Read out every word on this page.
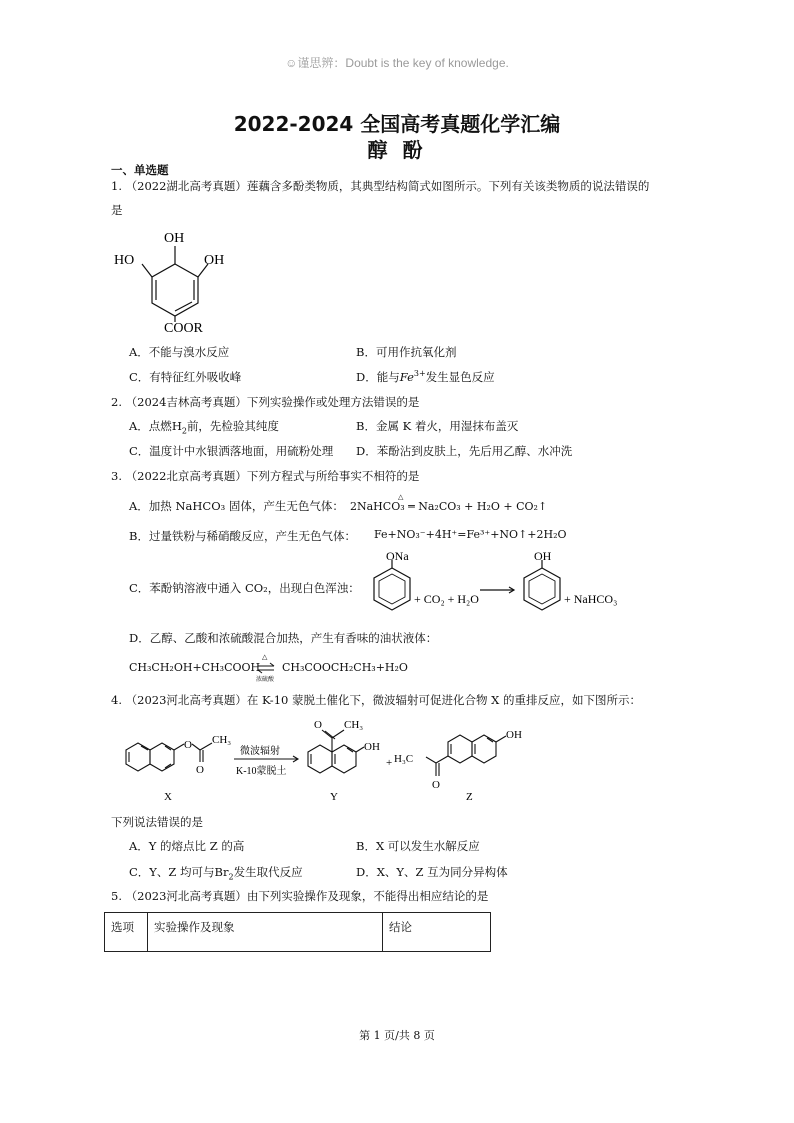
☺谨思辨：Doubt is the key of knowledge.
2022-2024 全国高考真题化学汇编
醇 酚
一、单选题
1. （2022湖北高考真题）莲藕含多酚类物质，其典型结构简式如图所示。下列有关该类物质的说法错误的
是
OH
HO	OH
COOR
A．不能与溴水反应	B．可用作抗氧化剂
C．有特征红外吸收峰	D．能与$Fe^{3+}$发生显色反应
2. （2024吉林高考真题）下列实验操作或处理方法错误的是
A．点燃$H_2$前，先检验其纯度	B．金属 K 着火，用湿抹布盖灭
C．温度计中水银洒落地面，用硫粉处理 D．苯酚沾到皮肤上，先后用乙醇、水冲洗
3. （2022北京高考真题）下列方程式与所给事实不相符的是
A．加热 NaHCO₃ 固体，产生无色气体：
△
2NaHCO₃ ═ Na₂CO₃ + H₂O + CO₂↑
B．过量铁粉与稀硝酸反应，产生无色气体： Fe+NO₃⁻+4H⁺=Fe³⁺+NO↑+2H₂O
C．苯酚钠溶液中通入 CO₂，出现白色浑浊：
ONa
+ CO₂ + H₂O
OH
+ NaHCO₃
D．乙醇、乙酸和浓硫酸混合加热，产生有香味的油状液体：
CH₃CH₂OH+CH₃COOH
△
浓硫酸
CH₃COOCH₂CH₃+H₂O
4. （2023河北高考真题）在 K-10 蒙脱土催化下，微波辐射可促进化合物 X 的重排反应，如下图所示：
O CH₃
O
微波辐射
K-10蒙脱土
O CH₃
OH
+ H₃C
O
OH
X	Y	Z
下列说法错误的是
A．Y 的熔点比 Z 的高	B．X 可以发生水解反应
C．Y、Z 均可与$Br_2$发生取代反应	D．X、Y、Z 互为同分异构体
5. （2023河北高考真题）由下列实验操作及现象，不能得出相应结论的是
选项	实验操作及现象	结论
第 1 页/共 8 页
